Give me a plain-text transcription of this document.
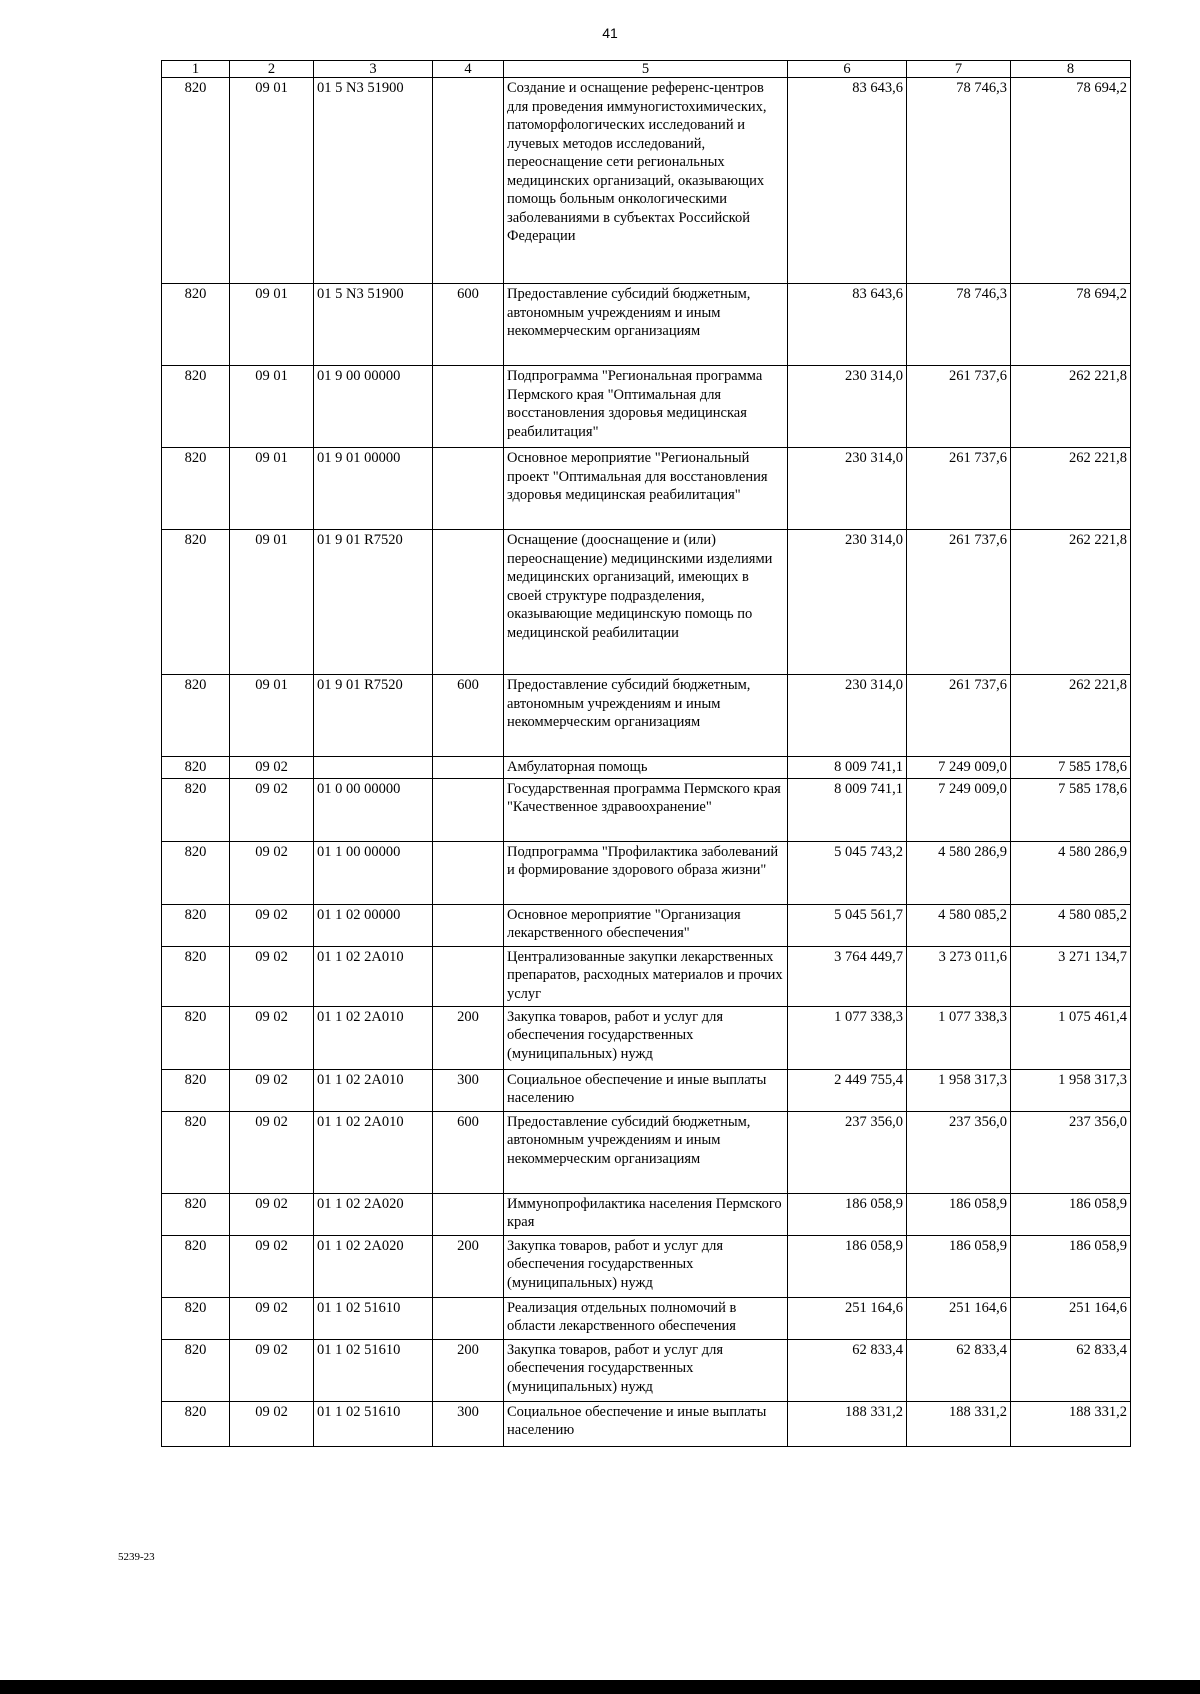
41
1	2	3	4	5	6	7	8
820	09 01	01 5 N3 51900		Создание и оснащение референс-центров для проведения иммуногистохимических, патоморфологических исследований и лучевых методов исследований, переоснащение сети региональных медицинских организаций, оказывающих помощь больным онкологическими заболеваниями в субъектах Российской Федерации	83 643,6	78 746,3	78 694,2
820	09 01	01 5 N3 51900	600	Предоставление субсидий бюджетным, автономным учреждениям и иным некоммерческим организациям	83 643,6	78 746,3	78 694,2
820	09 01	01 9 00 00000		Подпрограмма "Региональная программа Пермского края "Оптимальная для восстановления здоровья медицинская реабилитация"	230 314,0	261 737,6	262 221,8
820	09 01	01 9 01 00000		Основное мероприятие "Региональный проект "Оптимальная для восстановления здоровья медицинская реабилитация"	230 314,0	261 737,6	262 221,8
820	09 01	01 9 01 R7520		Оснащение (дооснащение и (или) переоснащение) медицинскими изделиями медицинских организаций, имеющих в своей структуре подразделения, оказывающие медицинскую помощь по медицинской реабилитации	230 314,0	261 737,6	262 221,8
820	09 01	01 9 01 R7520	600	Предоставление субсидий бюджетным, автономным учреждениям и иным некоммерческим организациям	230 314,0	261 737,6	262 221,8
820	09 02			Амбулаторная помощь	8 009 741,1	7 249 009,0	7 585 178,6
820	09 02	01 0 00 00000		Государственная программа Пермского края "Качественное здравоохранение"	8 009 741,1	7 249 009,0	7 585 178,6
820	09 02	01 1 00 00000		Подпрограмма "Профилактика заболеваний и формирование здорового образа жизни"	5 045 743,2	4 580 286,9	4 580 286,9
820	09 02	01 1 02 00000		Основное мероприятие "Организация лекарственного обеспечения"	5 045 561,7	4 580 085,2	4 580 085,2
820	09 02	01 1 02 2A010		Централизованные закупки лекарственных препаратов, расходных материалов и прочих услуг	3 764 449,7	3 273 011,6	3 271 134,7
820	09 02	01 1 02 2A010	200	Закупка товаров, работ и услуг для обеспечения государственных (муниципальных) нужд	1 077 338,3	1 077 338,3	1 075 461,4
820	09 02	01 1 02 2A010	300	Социальное обеспечение и иные выплаты населению	2 449 755,4	1 958 317,3	1 958 317,3
820	09 02	01 1 02 2A010	600	Предоставление субсидий бюджетным, автономным учреждениям и иным некоммерческим организациям	237 356,0	237 356,0	237 356,0
820	09 02	01 1 02 2A020		Иммунопрофилактика населения Пермского края	186 058,9	186 058,9	186 058,9
820	09 02	01 1 02 2A020	200	Закупка товаров, работ и услуг для обеспечения государственных (муниципальных) нужд	186 058,9	186 058,9	186 058,9
820	09 02	01 1 02 51610		Реализация отдельных полномочий в области лекарственного обеспечения	251 164,6	251 164,6	251 164,6
820	09 02	01 1 02 51610	200	Закупка товаров, работ и услуг для обеспечения государственных (муниципальных) нужд	62 833,4	62 833,4	62 833,4
820	09 02	01 1 02 51610	300	Социальное обеспечение и иные выплаты населению	188 331,2	188 331,2	188 331,2
5239-23
